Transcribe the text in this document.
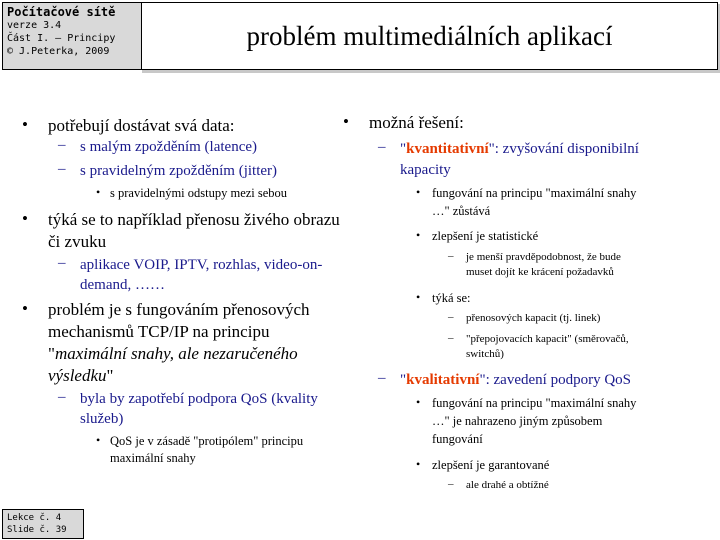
Počítačové sítě
verze 3.4
Část I. – Principy
© J.Peterka, 2009
problém multimediálních aplikací
• potřebují dostávat svá data:
– s malým zpožděním (latence)
– s pravidelným zpožděním (jitter)
• s pravidelnými odstupy mezi sebou
• týká se to například přenosu živého obrazu
či zvuku
– aplikace VOIP, IPTV, rozhlas, video-on-
demand, ……
• problém je s fungováním přenosových
mechanismů TCP/IP na principu
"maximální snahy, ale nezaručeného
výsledku"
– byla by zapotřebí podpora QoS (kvality
služeb)
• QoS je v zásadě "protipólem" principu
maximální snahy
• možná řešení:
– "kvantitativní": zvyšování disponibilní
kapacity
• fungování na principu "maximální snahy
…" zůstává
• zlepšení je statistické
– je menší pravděpodobnost, že bude
muset dojít ke krácení požadavků
• týká se:
– přenosových kapacit (tj. linek)
– "přepojovacích kapacit" (směrovačů,
switchů)
– "kvalitativní": zavedení podpory QoS
• fungování na principu "maximální snahy
…" je nahrazeno jiným způsobem
fungování
• zlepšení je garantované
– ale drahé a obtížné
Lekce č. 4
Slide č. 39
